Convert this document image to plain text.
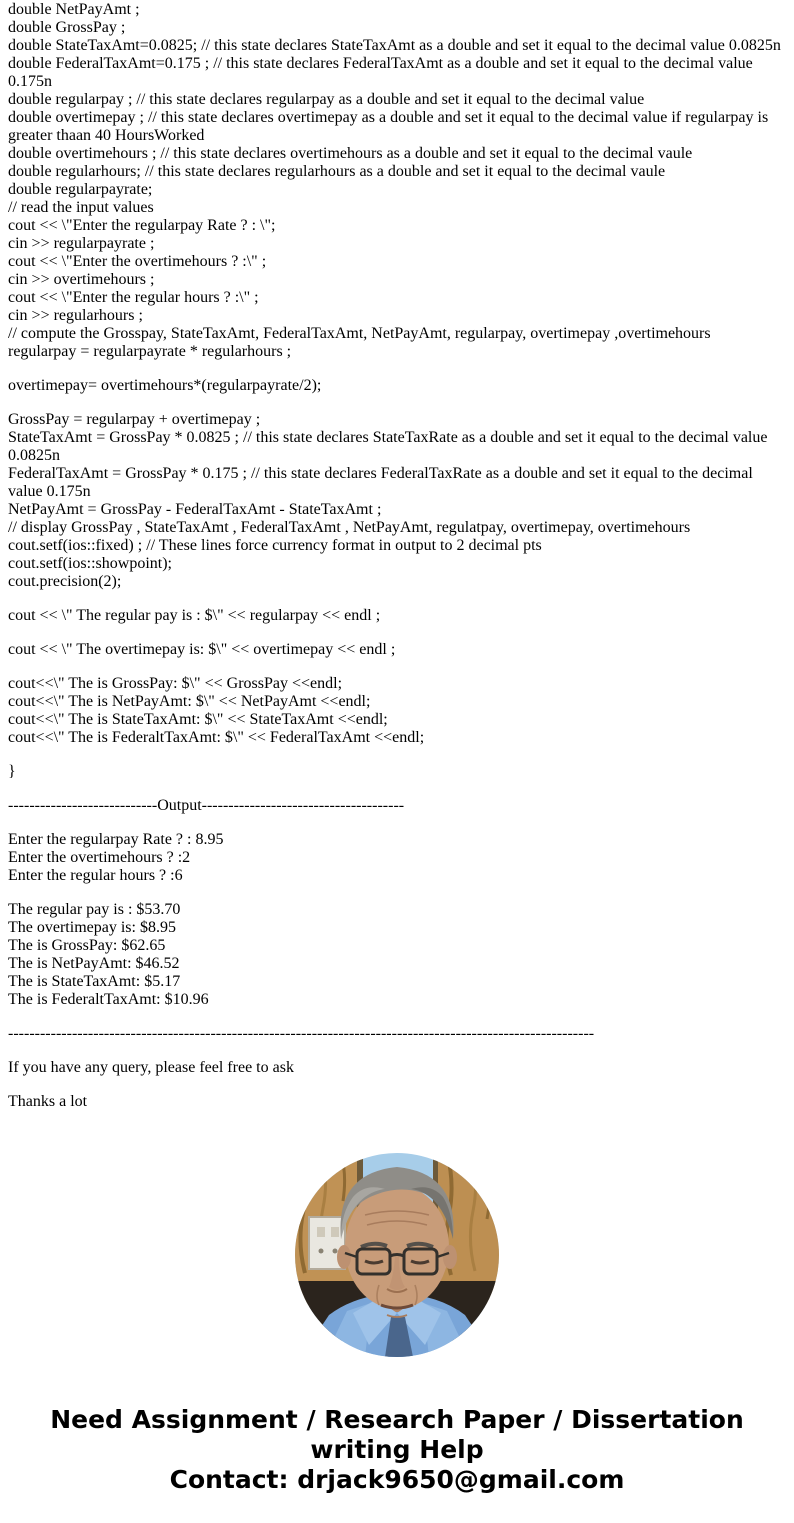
double NetPayAmt ;
double GrossPay ;
double StateTaxAmt=0.0825; // this state declares StateTaxAmt as a double and set it equal to the decimal value 0.0825n
double FederalTaxAmt=0.175 ; // this state declares FederalTaxAmt as a double and set it equal to the decimal value
0.175n
double regularpay ; // this state declares regularpay as a double and set it equal to the decimal value
double overtimepay ; // this state declares overtimepay as a double and set it equal to the decimal value if regularpay is
greater thaan 40 HoursWorked
double overtimehours ; // this state declares overtimehours as a double and set it equal to the decimal vaule
double regularhours; // this state declares regularhours as a double and set it equal to the decimal vaule
double regularpayrate;
// read the input values
cout << \"Enter the regularpay Rate ? : \";
cin >> regularpayrate ;
cout << \"Enter the overtimehours ? :\" ;
cin >> overtimehours ;
cout << \"Enter the regular hours ? :\" ;
cin >> regularhours ;
// compute the Grosspay, StateTaxAmt, FederalTaxAmt, NetPayAmt, regularpay, overtimepay ,overtimehours
regularpay = regularpayrate * regularhours ;

overtimepay= overtimehours*(regularpayrate/2);

GrossPay = regularpay + overtimepay ;
StateTaxAmt = GrossPay * 0.0825 ; // this state declares StateTaxRate as a double and set it equal to the decimal value
0.0825n
FederalTaxAmt = GrossPay * 0.175 ; // this state declares FederalTaxRate as a double and set it equal to the decimal
value 0.175n
NetPayAmt = GrossPay - FederalTaxAmt - StateTaxAmt ;
// display GrossPay , StateTaxAmt , FederalTaxAmt , NetPayAmt, regulatpay, overtimepay, overtimehours
cout.setf(ios::fixed) ; // These lines force currency format in output to 2 decimal pts
cout.setf(ios::showpoint);
cout.precision(2);

cout << \" The regular pay is : $\" << regularpay << endl ;

cout << \" The overtimepay is: $\" << overtimepay << endl ;

cout<<\" The is GrossPay: $\" << GrossPay <<endl;
cout<<\" The is NetPayAmt: $\" << NetPayAmt <<endl;
cout<<\" The is StateTaxAmt: $\" << StateTaxAmt <<endl;
cout<<\" The is FederaltTaxAmt: $\" << FederalTaxAmt <<endl;

}

----------------------------Output--------------------------------------

Enter the regularpay Rate ? : 8.95
Enter the overtimehours ? :2
Enter the regular hours ? :6

The regular pay is : $53.70
The overtimepay is: $8.95
The is GrossPay: $62.65
The is NetPayAmt: $46.52
The is StateTaxAmt: $5.17
The is FederaltTaxAmt: $10.96

--------------------------------------------------------------------------------------------------------------

If you have any query, please feel free to ask

Thanks a lot
Need Assignment / Research Paper / Dissertation
writing Help
Contact: drjack9650@gmail.com
